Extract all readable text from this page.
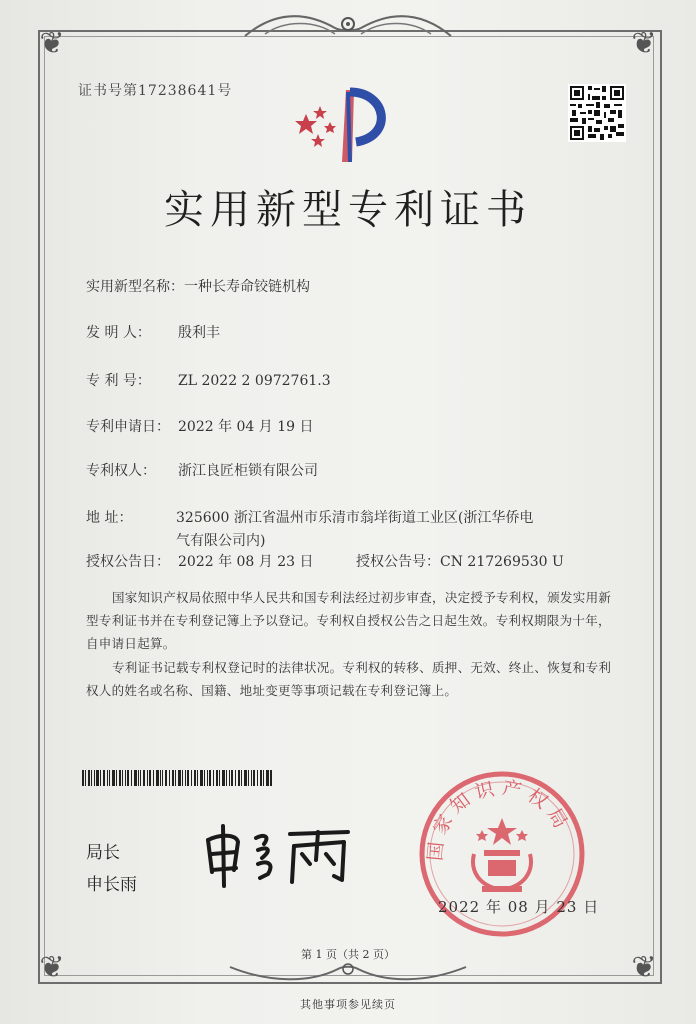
❦	❦
❦	❦
证书号第17238641号
实用新型专利证书
实用新型名称：一种长寿命铰链机构
发 明 人： 殷利丰
专 利 号： ZL 2022 2 0972761.3
专利申请日： 2022 年 04 月 19 日
专利权人： 浙江良匠柜锁有限公司
地 址：	325600 浙江省温州市乐清市翁垟街道工业区(浙江华侨电
气有限公司内)
授权公告日： 2022 年 08 月 23 日	授权公告号：CN 217269530 U
国家知识产权局依照中华人民共和国专利法经过初步审查，决定授予专利权，颁发实用新型专利证书并在专利登记簿上予以登记。专利权自授权公告之日起生效。专利权期限为十年，自申请日起算。
专利证书记载专利权登记时的法律状况。专利权的转移、质押、无效、终止、恢复和专利权人的姓名或名称、国籍、地址变更等事项记载在专利登记簿上。
局长
申长雨
国家知识产权局
2022 年 08 月 23 日
第 1 页（共 2 页）
其他事项参见续页
